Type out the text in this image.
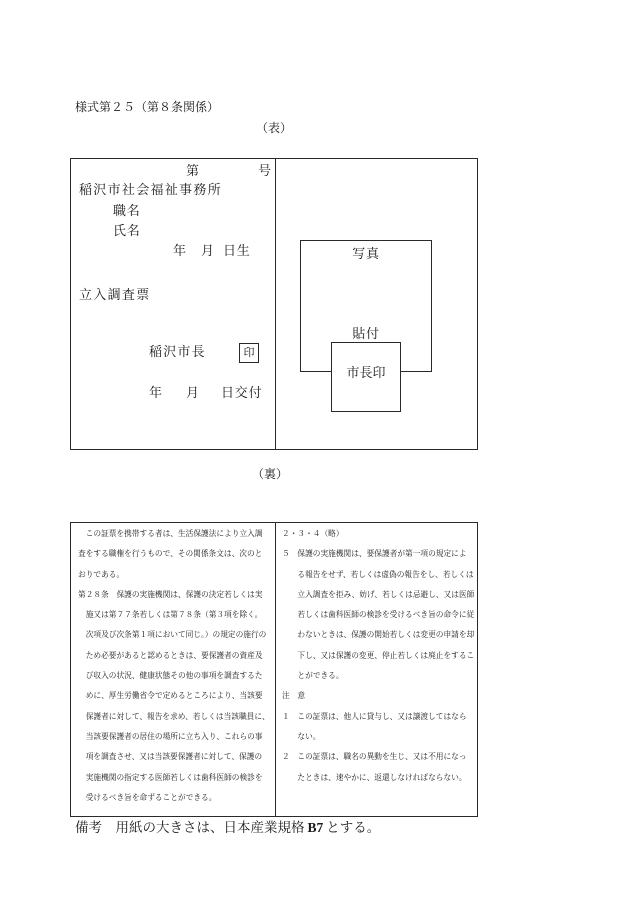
様式第２５（第８条関係）
（表）
第	号
稲沢市社会福祉事務所
職名
氏名
年 月 日生
立入調査票
稲沢市長	印
年 月 日交付
写真
貼付
市長印
（裏）
この証票を携帯する者は、生活保護法により立入調
査をする職権を行うもので、その関係条文は、次のと
おりである。
第２８条　保護の実施機関は、保護の決定若しくは実
施又は第７７条若しくは第７８条（第３項を除く。
次項及び次条第１項において同じ。）の規定の施行の
ため必要があると認めるときは、要保護者の資産及
び収入の状況、健康状態その他の事項を調査するた
めに、厚生労働省令で定めるところにより、当該要
保護者に対して、報告を求め、若しくは当該職員に、
当該要保護者の居住の場所に立ち入り、これらの事
項を調査させ、又は当該要保護者に対して、保護の
実施機関の指定する医師若しくは歯科医師の検診を
受けるべき旨を命ずることができる。
２・３・４（略）
５　保護の実施機関は、要保護者が第一項の規定によ
る報告をせず、若しくは虚偽の報告をし、若しくは
立入調査を拒み、妨げ、若しくは忌避し、又は医師
若しくは歯科医師の検診を受けるべき旨の命令に従
わないときは、保護の開始若しくは変更の申請を却
下し、又は保護の変更、停止若しくは廃止をするこ
とができる。
注　意
１　この証票は、他人に貸与し、又は譲渡してはなら
ない。
２　この証票は、職名の異動を生じ、又は不用になっ
たときは、速やかに、返還しなければならない。
備考 用紙の大きさは、日本産業規格 B7 とする。
